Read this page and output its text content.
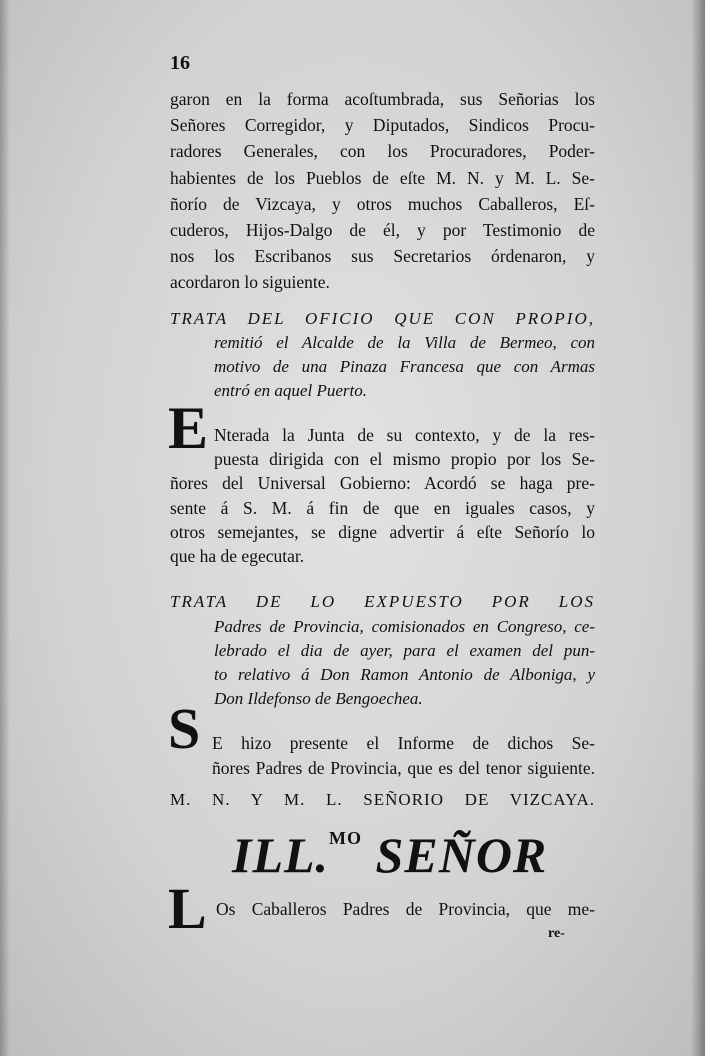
16
garon en la forma acoſtumbrada, sus Señorias los
Señores Corregidor, y Diputados, Sindicos Procu-
radores Generales, con los Procuradores, Poder-
habientes de los Pueblos de eſte M. N. y M. L. Se-
ñorío de Vizcaya, y otros muchos Caballeros, Eſ-
cuderos, Hijos-Dalgo de él, y por Testimonio de
nos los Escribanos sus Secretarios órdenaron, y
acordaron lo siguiente.
TRATA DEL OFICIO QUE CON PROPIO,
remitió el Alcalde de la Villa de Bermeo, con
motivo de una Pinaza Francesa que con Armas
entró en aquel Puerto.
E Nterada la Junta de su contexto, y de la res-
puesta dirigida con el mismo propio por los Se-
ñores del Universal Gobierno: Acordó se haga pre-
sente á S. M. á fin de que en iguales casos, y
otros semejantes, se digne advertir á eſte Señorío lo
que ha de egecutar.
TRATA DE LO EXPUESTO POR LOS
Padres de Provincia, comisionados en Congreso, ce-
lebrado el dia de ayer, para el examen del pun-
to relativo á Don Ramon Antonio de Alboniga, y
Don Ildefonso de Bengoechea.
S E hizo presente el Informe de dichos Se-
ñores Padres de Provincia, que es del tenor siguiente.
M. N. Y M. L. SEÑORIO DE VIZCAYA.
ILL.$^{MO}$ SEÑOR
L Os Caballeros Padres de Provincia, que me-
re-
